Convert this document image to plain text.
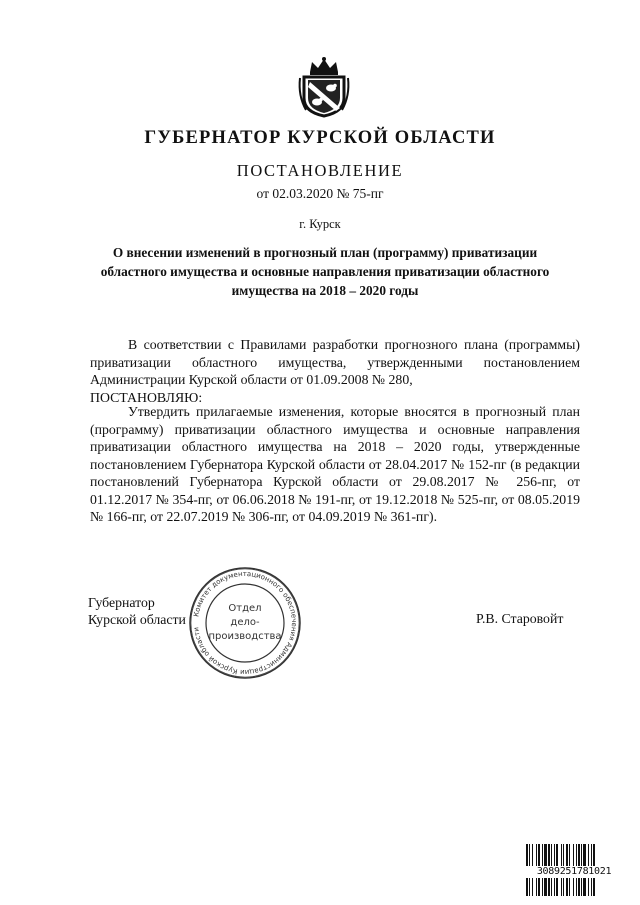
ГУБЕРНАТОР КУРСКОЙ ОБЛАСТИ
ПОСТАНОВЛЕНИЕ
от 02.03.2020 № 75-пг
г. Курск
О внесении изменений в прогнозный план (программу) приватизации областного имущества и основные направления приватизации областного имущества на 2018 – 2020 годы
В соответствии с Правилами разработки прогнозного плана (программы) приватизации областного имущества, утвержденными постановлением Администрации Курской области от 01.09.2008 № 280,
ПОСТАНОВЛЯЮ:
Утвердить прилагаемые изменения, которые вносятся в прогнозный план (программу) приватизации областного имущества и основные направления приватизации областного имущества на 2018 – 2020 годы, утвержденные постановлением Губернатора Курской области от 28.04.2017 № 152-пг (в редакции постановлений Губернатора Курской области от 29.08.2017 № 256-пг, от 01.12.2017 № 354-пг, от 06.06.2018 № 191-пг, от 19.12.2018 № 525-пг, от 08.05.2019 № 166-пг, от 22.07.2019 № 306-пг, от 04.09.2019 № 361-пг).
Губернатор
Курской области	Р.В. Старовойт
Комитет документационного обеспечения Администрации Курской области
Отдел
дело-
производства
3089251781021
